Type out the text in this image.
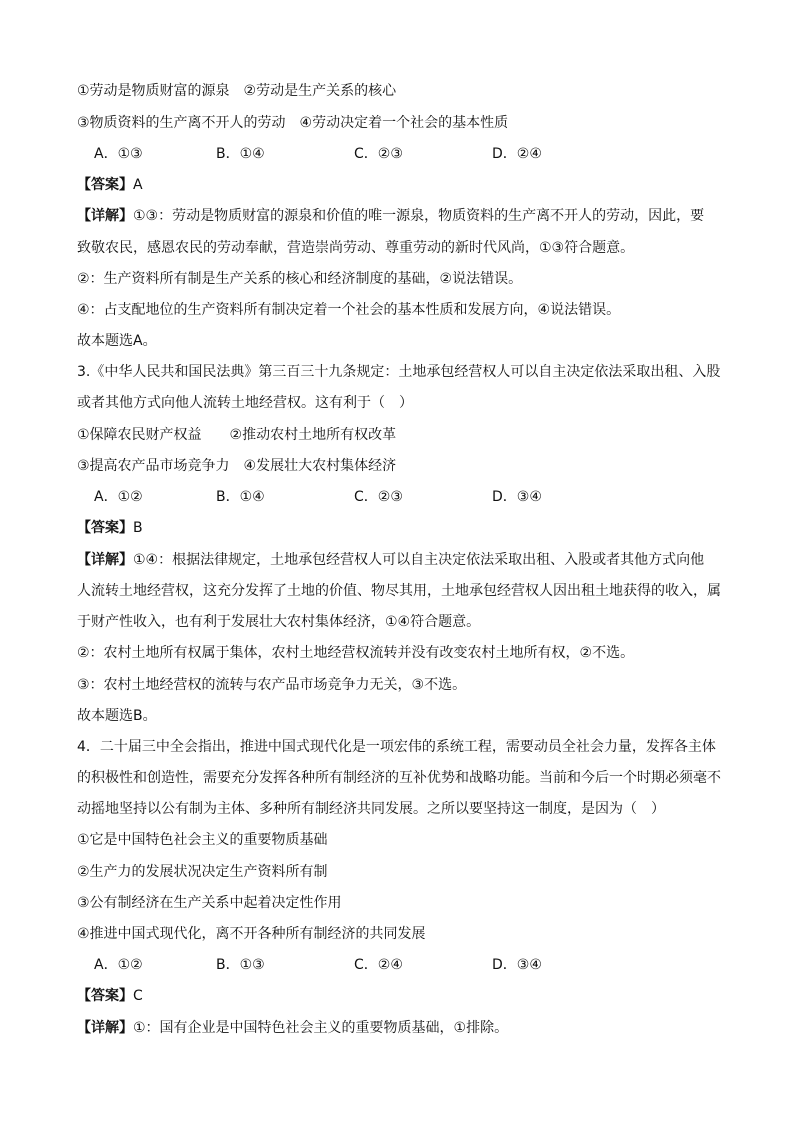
①劳动是物质财富的源泉　②劳动是生产关系的核心
③物质资料的生产离不开人的劳动　④劳动决定着一个社会的基本性质
A．①③	B．①④	C．②③	D．②④
【答案】A
【详解】①③：劳动是物质财富的源泉和价值的唯一源泉，物质资料的生产离不开人的劳动，因此，要
致敬农民，感恩农民的劳动奉献，营造崇尚劳动、尊重劳动的新时代风尚，①③符合题意。
②：生产资料所有制是生产关系的核心和经济制度的基础，②说法错误。
④：占支配地位的生产资料所有制决定着一个社会的基本性质和发展方向，④说法错误。
故本题选A。
3.《中华人民共和国民法典》第三百三十九条规定：土地承包经营权人可以自主决定依法采取出租、入股
或者其他方式向他人流转土地经营权。这有利于（　）
①保障农民财产权益　　②推动农村土地所有权改革
③提高农产品市场竞争力　④发展壮大农村集体经济
A．①②	B．①④	C．②③	D．③④
【答案】B
【详解】①④：根据法律规定，土地承包经营权人可以自主决定依法采取出租、入股或者其他方式向他
人流转土地经营权，这充分发挥了土地的价值、物尽其用，土地承包经营权人因出租土地获得的收入，属
于财产性收入，也有利于发展壮大农村集体经济，①④符合题意。
②：农村土地所有权属于集体，农村土地经营权流转并没有改变农村土地所有权，②不选。
③：农村土地经营权的流转与农产品市场竞争力无关，③不选。
故本题选B。
4．二十届三中全会指出，推进中国式现代化是一项宏伟的系统工程，需要动员全社会力量，发挥各主体
的积极性和创造性，需要充分发挥各种所有制经济的互补优势和战略功能。当前和今后一个时期必须毫不
动摇地坚持以公有制为主体、多种所有制经济共同发展。之所以要坚持这一制度，是因为（　）
①它是中国特色社会主义的重要物质基础
②生产力的发展状况决定生产资料所有制
③公有制经济在生产关系中起着决定性作用
④推进中国式现代化，离不开各种所有制经济的共同发展
A．①②	B．①③	C．②④	D．③④
【答案】C
【详解】①：国有企业是中国特色社会主义的重要物质基础，①排除。
